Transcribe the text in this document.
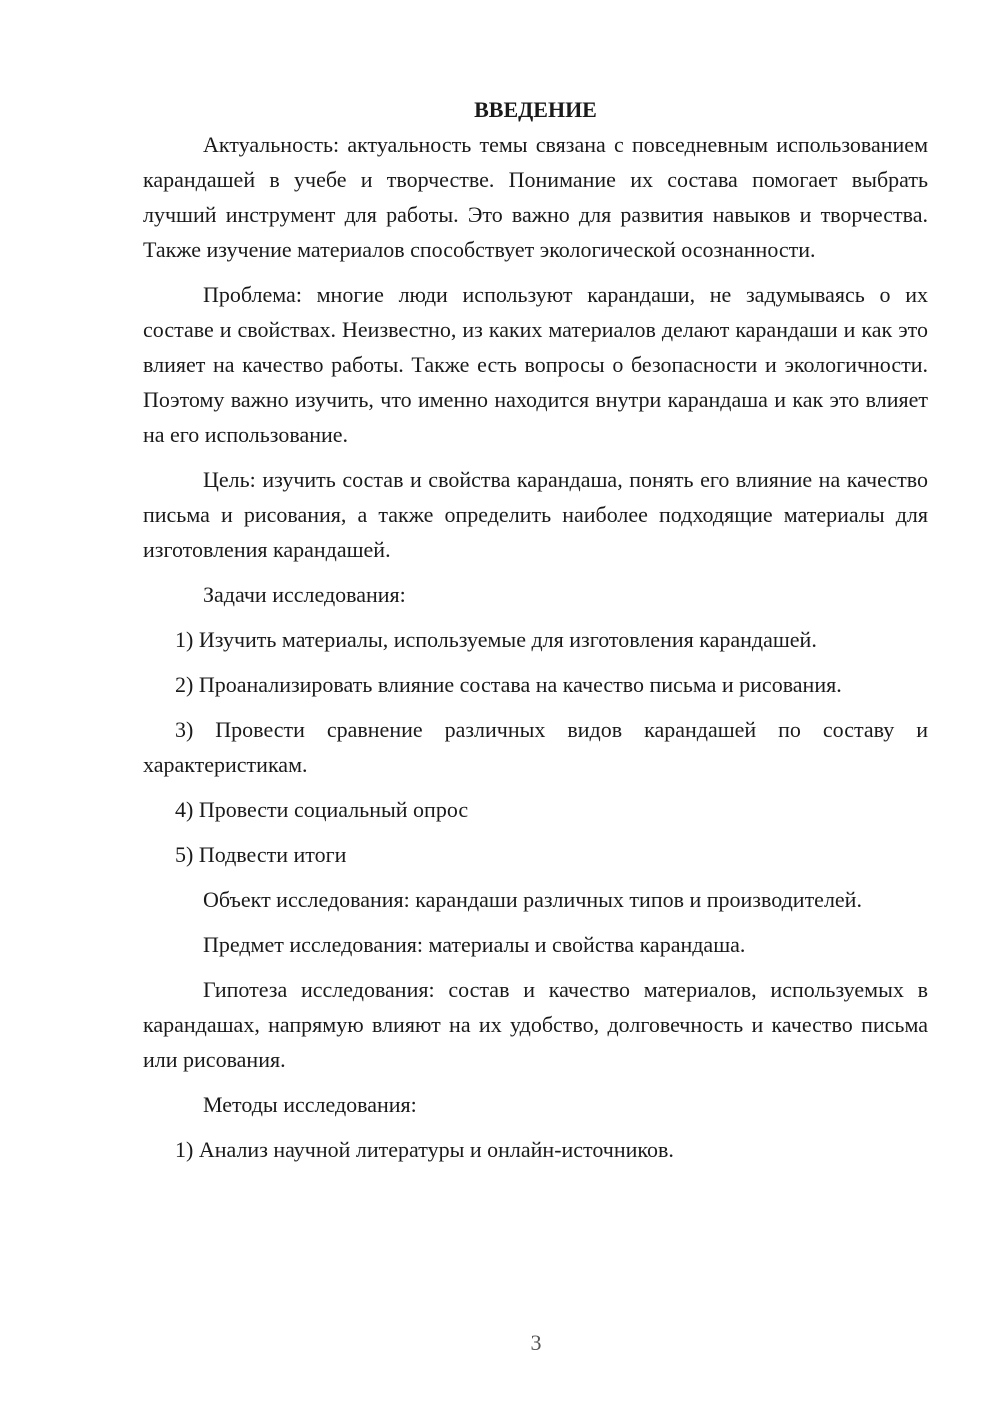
ВВЕДЕНИЕ

Актуальность: актуальность темы связана с повседневным использованием карандашей в учебе и творчестве. Понимание их состава помогает выбрать лучший инструмент для работы. Это важно для развития навыков и творчества. Также изучение материалов способствует экологической осознанности.

Проблема: многие люди используют карандаши, не задумываясь о их составе и свойствах. Неизвестно, из каких материалов делают карандаши и как это влияет на качество работы. Также есть вопросы о безопасности и экологичности. Поэтому важно изучить, что именно находится внутри карандаша и как это влияет на его использование.

Цель: изучить состав и свойства карандаша, понять его влияние на качество письма и рисования, а также определить наиболее подходящие материалы для изготовления карандашей.

Задачи исследования:

1) Изучить материалы, используемые для изготовления карандашей.

2) Проанализировать влияние состава на качество письма и рисования.

3) Провести сравнение различных видов карандашей по составу и характеристикам.

4) Провести социальный опрос

5) Подвести итоги

Объект исследования: карандаши различных типов и производителей.

Предмет исследования: материалы и свойства карандаша.

Гипотеза исследования: состав и качество материалов, используемых в карандашах, напрямую влияют на их удобство, долговечность и качество письма или рисования.

Методы исследования:

1) Анализ научной литературы и онлайн-источников.

3
